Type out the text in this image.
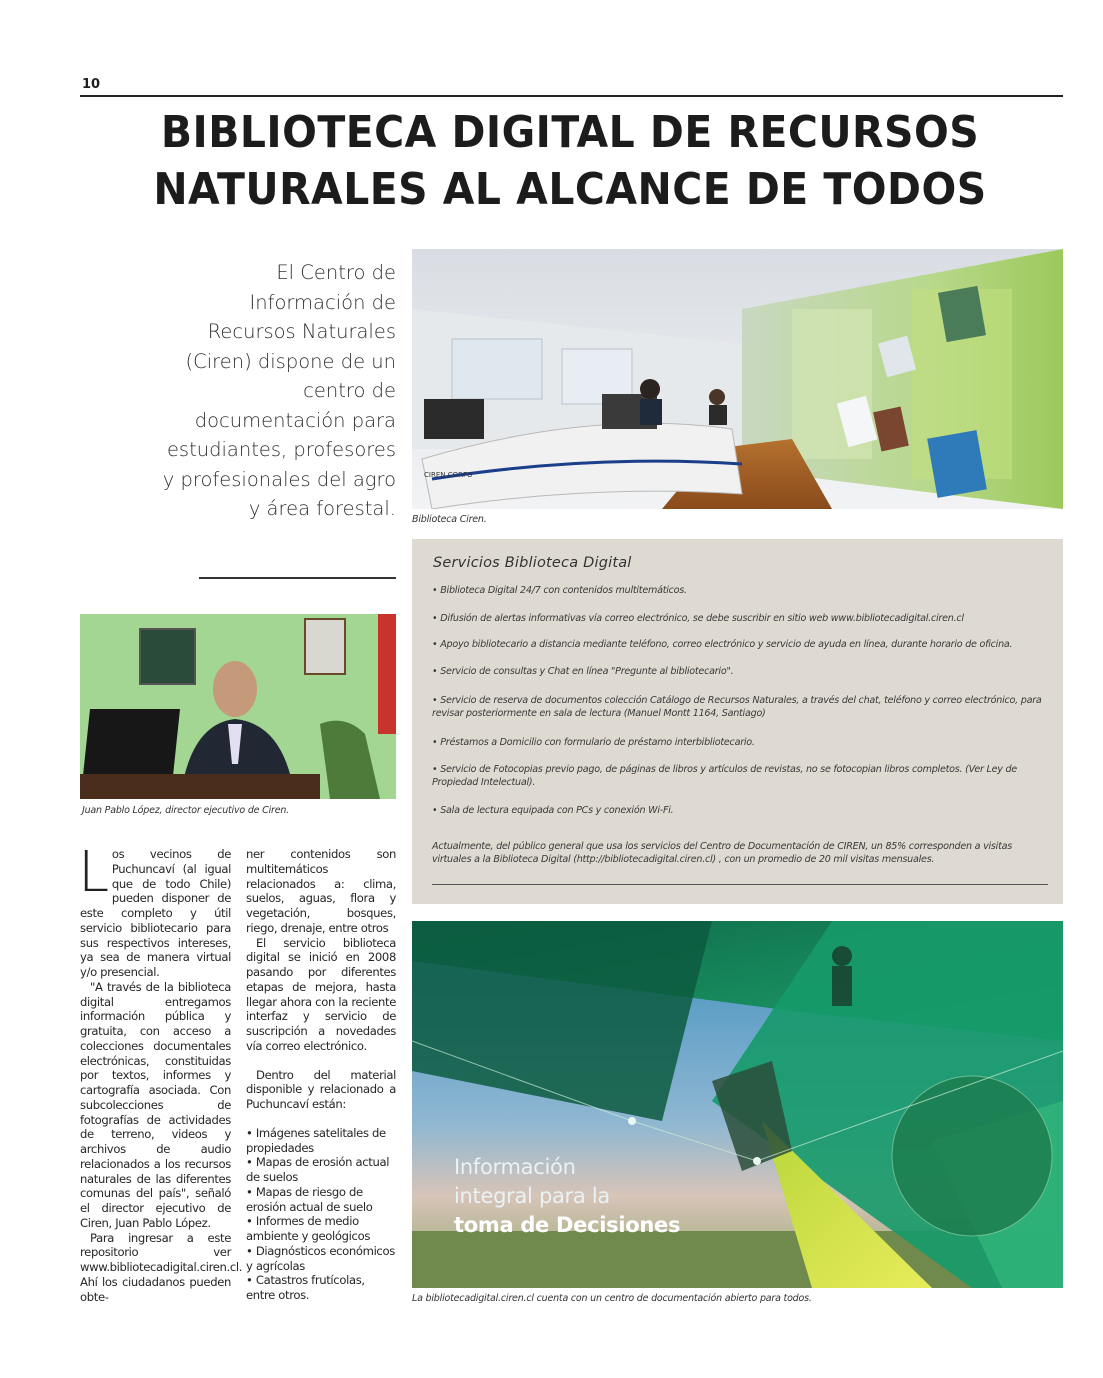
10
BIBLIOTECA DIGITAL DE RECURSOS
NATURALES AL ALCANCE DE TODOS
El Centro de Información de Recursos Naturales (Ciren) dispone de un centro de documentación para estudiantes, profesores y profesionales del agro y área forestal.
CIREN CORFO
Biblioteca Ciren.
Juan Pablo López, director ejecutivo de Ciren.
Servicios Biblioteca Digital
• Biblioteca Digital 24/7 con contenidos multitemáticos.
• Difusión de alertas informativas vía correo electrónico, se debe suscribir en sitio web www.bibliotecadigital.ciren.cl
• Apoyo bibliotecario a distancia mediante teléfono, correo electrónico y servicio de ayuda en línea, durante horario de oficina.
• Servicio de consultas y Chat en línea "Pregunte al bibliotecario".
• Servicio de reserva de documentos colección Catálogo de Recursos Naturales, a través del chat, teléfono y correo electrónico, para revisar posteriormente en sala de lectura (Manuel Montt 1164, Santiago)
• Préstamos a Domicilio con formulario de préstamo interbibliotecario.
• Servicio de Fotocopias previo pago, de páginas de libros y artículos de revistas, no se fotocopian libros completos. (Ver Ley de Propiedad Intelectual).
• Sala de lectura equipada con PCs y conexión Wi-Fi.
Actualmente, del público general que usa los servicios del Centro de Documentación de CIREN, un 85% corresponden a visitas virtuales a la Biblioteca Digital (http://bibliotecadigital.ciren.cl) , con un promedio de 20 mil visitas mensuales.
Información
integral para la
toma de Decisiones
La bibliotecadigital.ciren.cl cuenta con un centro de documentación abierto para todos.

L os vecinos de Puchuncaví (al igual que de todo Chile) pueden disponer de este completo y útil servicio bibliotecario para sus respectivos intereses, ya sea de manera virtual y/o presencial.

"A través de la biblioteca digital entregamos información pública y gratuita, con acceso a colecciones documentales electrónicas, constituidas por textos, informes y cartografía asociada. Con subcolecciones de fotografías de actividades de terreno, videos y archivos de audio relacionados a los recursos naturales de las diferentes comunas del país", señaló el director ejecutivo de Ciren, Juan Pablo López.

Para ingresar a este repositorio ver www.bibliotecadigital.ciren.cl. Ahí los ciudadanos pueden obte-

ner contenidos son multitemáticos relacionados a: clima, suelos, aguas, flora y vegetación, bosques, riego, drenaje, entre otros

El servicio biblioteca digital se inició en 2008 pasando por diferentes etapas de mejora, hasta llegar ahora con la reciente interfaz y servicio de suscripción a novedades vía correo electrónico.

Dentro del material disponible y relacionado a Puchuncaví están:

• Imágenes satelitales de propiedades

• Mapas de erosión actual de suelos

• Mapas de riesgo de erosión actual de suelo

• Informes de medio ambiente y geológicos

• Diagnósticos económicos y agrícolas

• Catastros frutícolas, entre otros.
